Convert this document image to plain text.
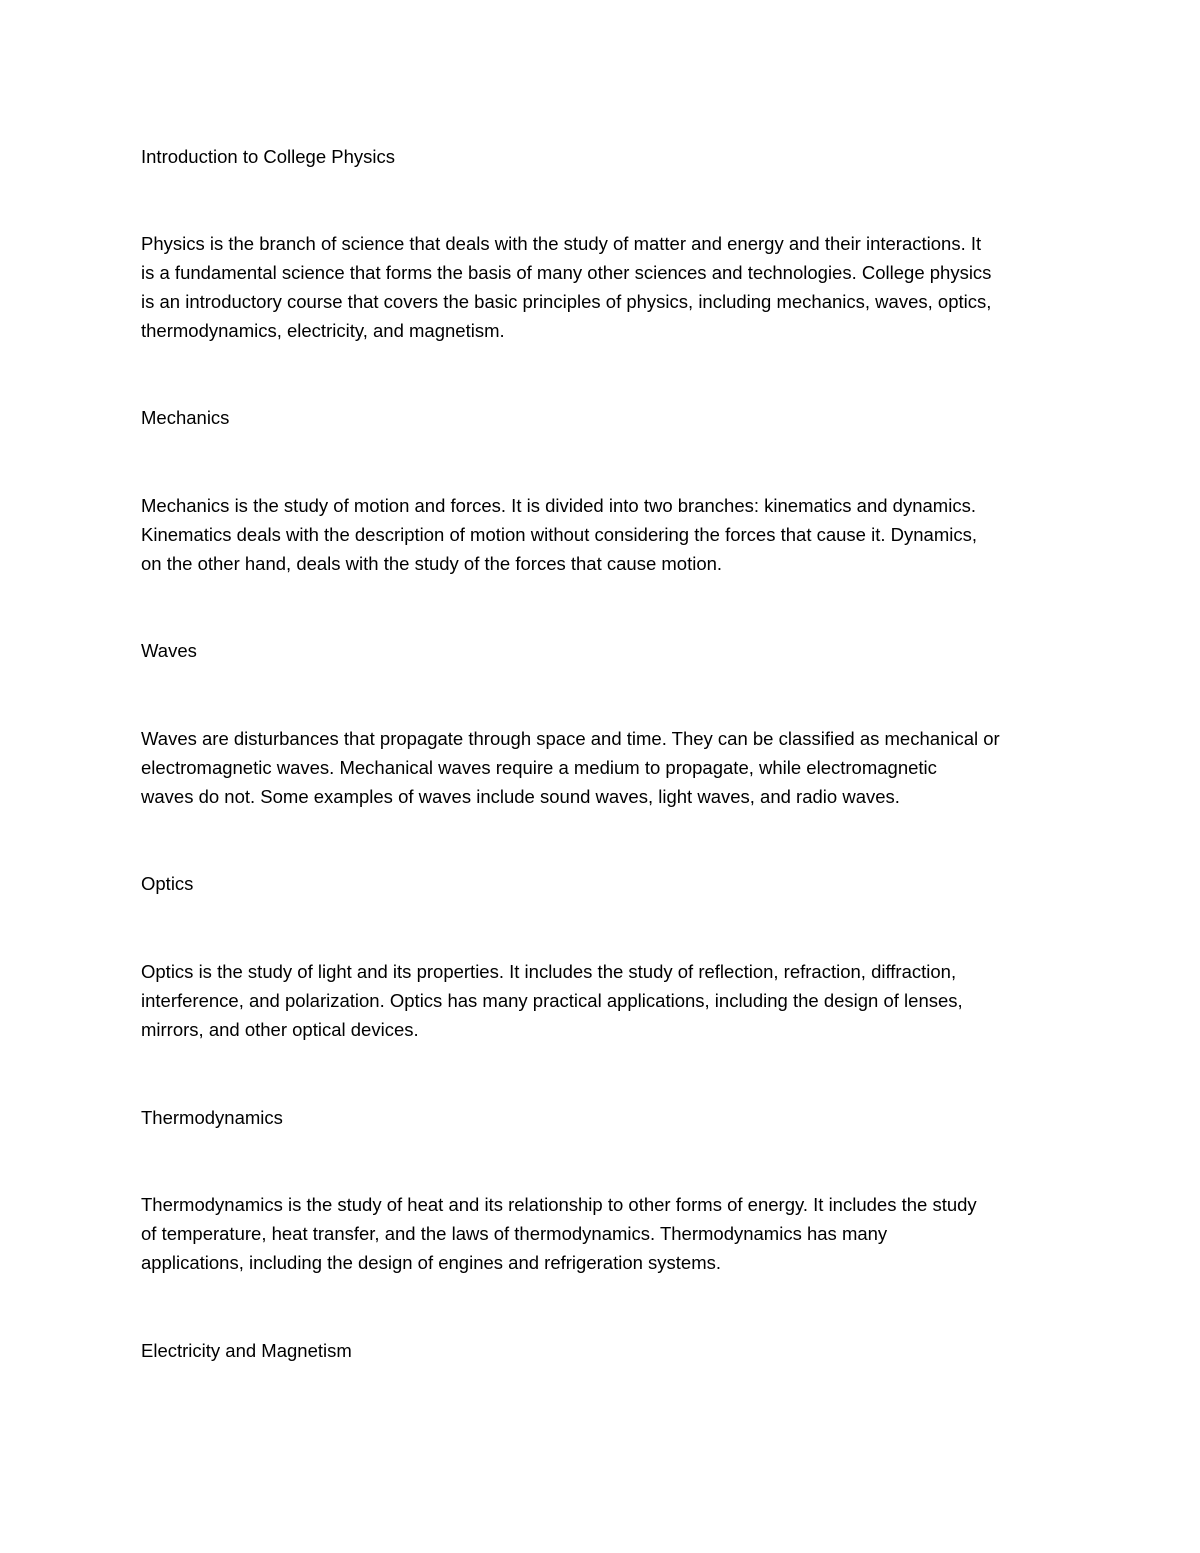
Introduction to College Physics

Physics is the branch of science that deals with the study of matter and energy and their interactions. It

is a fundamental science that forms the basis of many other sciences and technologies. College physics

is an introductory course that covers the basic principles of physics, including mechanics, waves, optics,

thermodynamics, electricity, and magnetism.

Mechanics

Mechanics is the study of motion and forces. It is divided into two branches: kinematics and dynamics.

Kinematics deals with the description of motion without considering the forces that cause it. Dynamics,

on the other hand, deals with the study of the forces that cause motion.

Waves

Waves are disturbances that propagate through space and time. They can be classified as mechanical or

electromagnetic waves. Mechanical waves require a medium to propagate, while electromagnetic

waves do not. Some examples of waves include sound waves, light waves, and radio waves.

Optics

Optics is the study of light and its properties. It includes the study of reflection, refraction, diffraction,

interference, and polarization. Optics has many practical applications, including the design of lenses,

mirrors, and other optical devices.

Thermodynamics

Thermodynamics is the study of heat and its relationship to other forms of energy. It includes the study

of temperature, heat transfer, and the laws of thermodynamics. Thermodynamics has many

applications, including the design of engines and refrigeration systems.

Electricity and Magnetism
